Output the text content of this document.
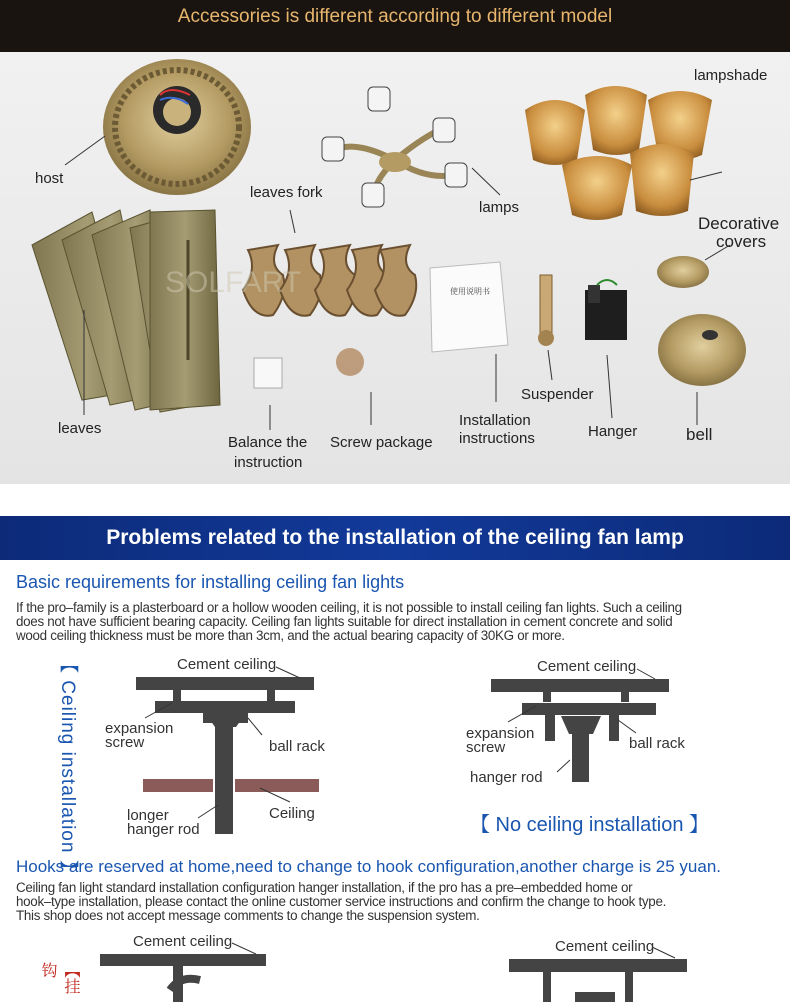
Accessories is different according to different model
SOLFART
host
leaves fork
lamps
lampshade
Decorative
covers
leaves
Balance the
instruction
Screw package
Installation
instructions
Suspender
Hanger	bell
使用说明书
Problems related to the installation of the ceiling fan lamp
Basic requirements for installing ceiling fan lights

If the pro–family is a plasterboard or a hollow wooden ceiling, it is not possible to install ceiling fan lights. Such a ceiling

does not have sufficient bearing capacity. Ceiling fan lights suitable for direct installation in cement concrete and solid

wood ceiling thickness must be more than 3cm, and the actual bearing capacity of 30KG or more.

【 Ceiling installation 】	Cement ceiling
expansion
screw	ball rack
longer
hanger rod
Ceiling
Cement ceiling
expansion
screw	ball rack
hanger rod
【 No ceiling installation 】
Hooks are reserved at home,need to change to hook configuration,another charge is 25 yuan.

Ceiling fan light standard installation configuration hanger installation, if the pro has a pre–embedded home or

hook–type installation, please contact the online customer service instructions and confirm the change to hook type.

This shop does not accept message comments to change the suspension system.

【挂钩
Cement ceiling	Cement ceiling
